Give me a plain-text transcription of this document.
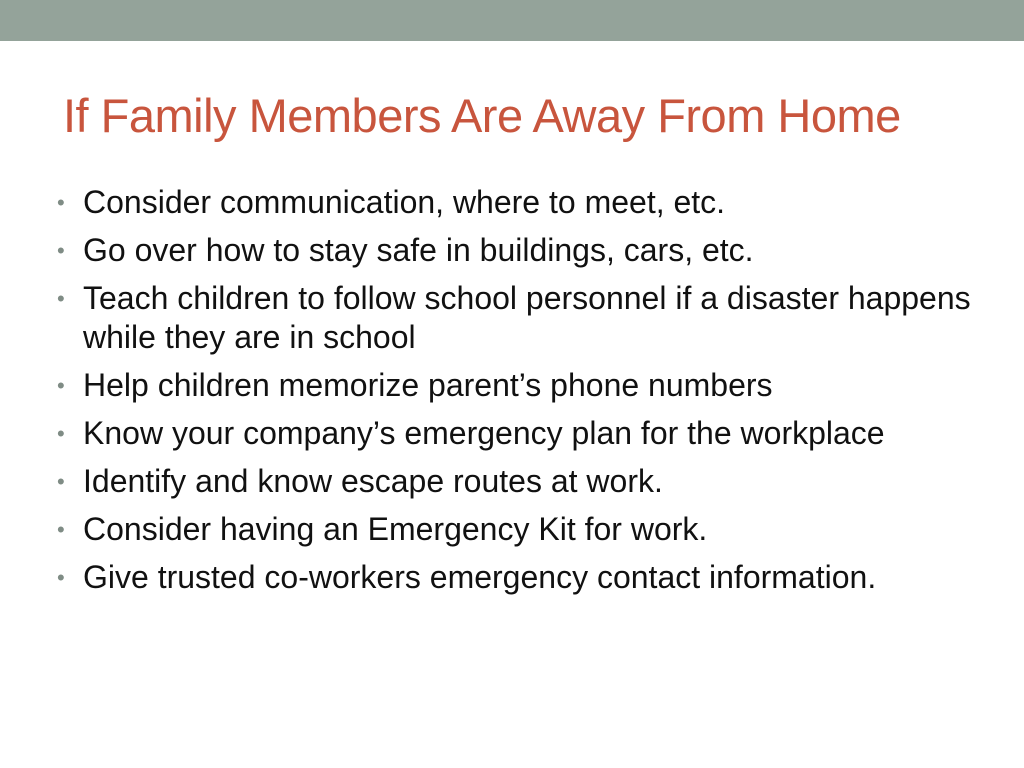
If Family Members Are Away From Home
• Consider communication, where to meet, etc.
• Go over how to stay safe in buildings, cars, etc.
• Teach children to follow school personnel if a disaster happens while they are in school
• Help children memorize parent’s phone numbers
• Know your company’s emergency plan for the workplace
• Identify and know escape routes at work.
• Consider having an Emergency Kit for work.
• Give trusted co-workers emergency contact information.
